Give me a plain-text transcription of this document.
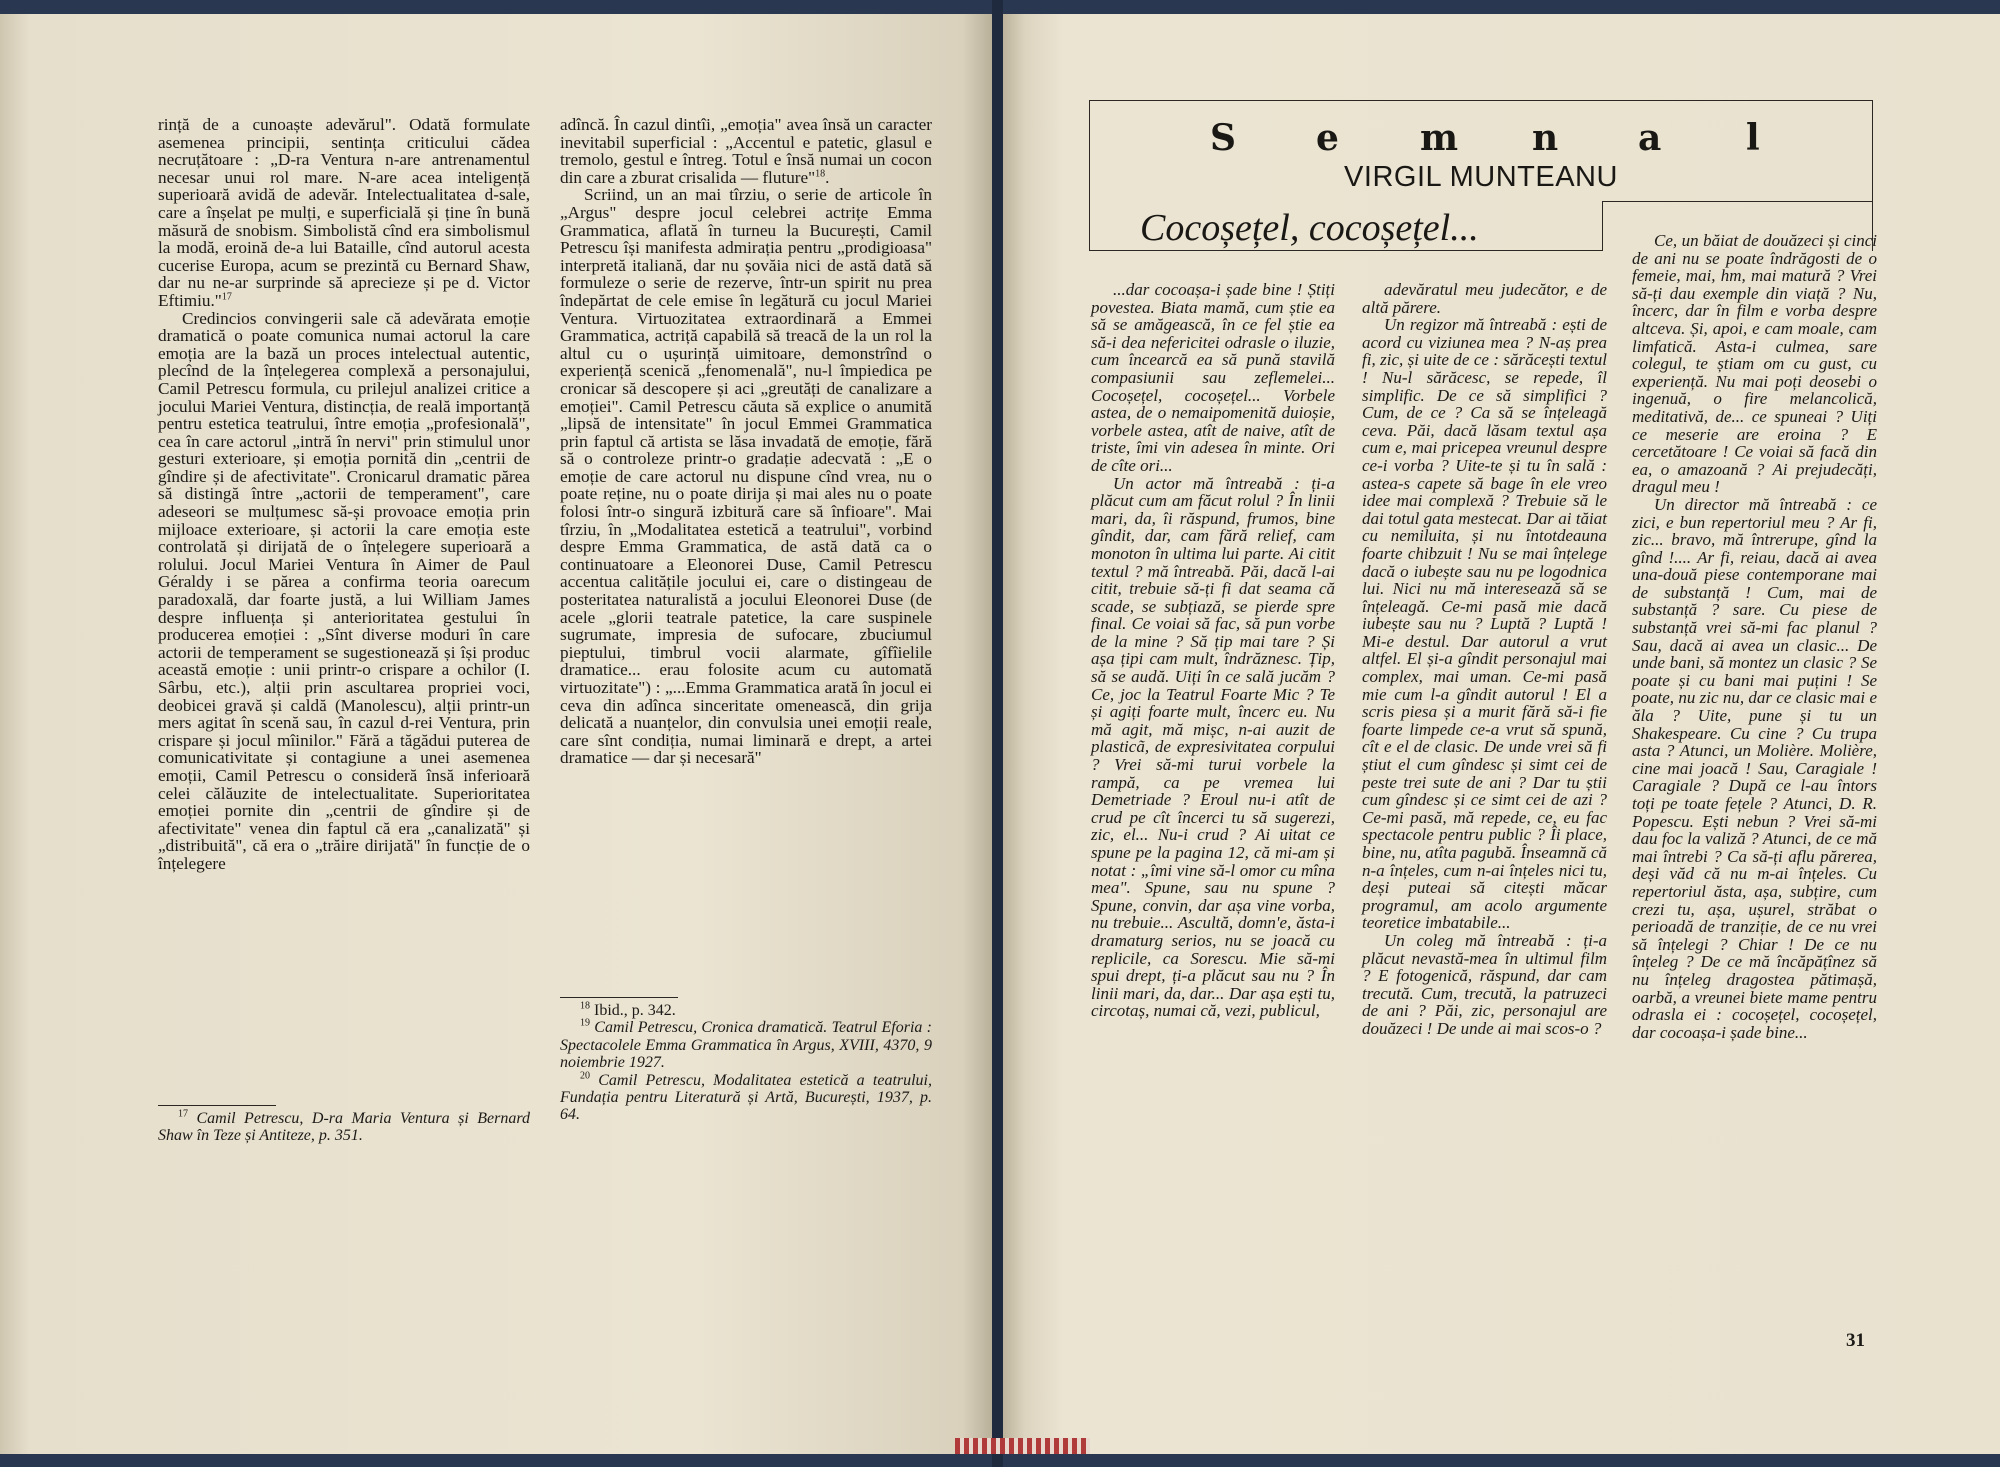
rință de a cunoaște adevărul". Odată formulate asemenea principii, sentința criticului cădea necruțătoare : „D-ra Ventura n-are antrenamentul necesar unui rol mare. N-are acea inteligență superioară avidă de adevăr. Intelectualitatea d-sale, care a înșelat pe mulți, e superficială și ține în bună măsură de snobism. Simbolistă cînd era simbolismul la modă, eroină de-a lui Bataille, cînd autorul acesta cucerise Europa, acum se prezintă cu Bernard Shaw, dar nu ne-ar surprinde să aprecieze și pe d. Victor Eftimiu."$^{17}$

Credincios convingerii sale că adevărata emoție dramatică o poate comunica numai actorul la care emoția are la bază un proces intelectual autentic, plecînd de la înțelegerea complexă a personajului, Camil Petrescu formula, cu prilejul analizei critice a jocului Mariei Ventura, distincția, de reală importanță pentru estetica teatrului, între emoția „profesională", cea în care actorul „intră în nervi" prin stimulul unor gesturi exterioare, și emoția pornită din „centrii de gîndire și de afectivitate". Cronicarul dramatic părea să distingă între „actorii de temperament", care adeseori se mulțumesc să-și provoace emoția prin mijloace exterioare, și actorii la care emoția este controlată și dirijată de o înțelegere superioară a rolului. Jocul Mariei Ventura în Aimer de Paul Géraldy i se părea a confirma teoria oarecum paradoxală, dar foarte justă, a lui William James despre influența și anterioritatea gestului în producerea emoției : „Sînt diverse moduri în care actorii de temperament se sugestionează și își produc această emoție : unii printr-o crispare a ochilor (I. Sârbu, etc.), alții prin ascultarea propriei voci, deobicei gravă și caldă (Manolescu), alții printr-un mers agitat în scenă sau, în cazul d-rei Ventura, prin crispare și jocul mîinilor." Fără a tăgădui puterea de comunicativitate și contagiune a unei asemenea emoții, Camil Petrescu o consideră însă inferioară celei călăuzite de intelectualitate. Superioritatea emoției pornite din „centrii de gîndire și de afectivitate" venea din faptul că era „canalizată" și „distribuită", că era o „trăire dirijată" în funcție de o înțelegere

$^{17}$ Camil Petrescu, D-ra Maria Ventura și Bernard Shaw în Teze și Antiteze, p. 351.

adîncă. În cazul dintîi, „emoția" avea însă un caracter inevitabil superficial : „Accentul e patetic, glasul e tremolo, gestul e întreg. Totul e însă numai un cocon din care a zburat crisalida — fluture"$^{18}$.

Scriind, un an mai tîrziu, o serie de articole în „Argus" despre jocul celebrei actrițe Emma Grammatica, aflată în turneu la București, Camil Petrescu își manifesta admirația pentru „prodigioasa" interpretă italiană, dar nu șovăia nici de astă dată să formuleze o serie de rezerve, într-un spirit nu prea îndepărtat de cele emise în legătură cu jocul Mariei Ventura. Virtuozitatea extraordinară a Emmei Grammatica, actriță capabilă să treacă de la un rol la altul cu o ușurință uimitoare, demonstrînd o experiență scenică „fenomenală", nu-l împiedica pe cronicar să descopere și aci „greutăți de canalizare a emoției". Camil Petrescu căuta să explice o anumită „lipsă de intensitate" în jocul Emmei Grammatica prin faptul că artista se lăsa invadată de emoție, fără să o controleze printr-o gradație adecvată : „E o emoție de care actorul nu dispune cînd vrea, nu o poate reține, nu o poate dirija și mai ales nu o poate folosi într-o singură izbitură care să înfioare". Mai tîrziu, în „Modalitatea estetică a teatrului", vorbind despre Emma Grammatica, de astă dată ca o continuatoare a Eleonorei Duse, Camil Petrescu accentua calitățile jocului ei, care o distingeau de posteritatea naturalistă a jocului Eleonorei Duse (de acele „glorii teatrale patetice, la care suspinele sugrumate, impresia de sufocare, zbuciumul pieptului, timbrul vocii alarmate, gîfîielile dramatice... erau folosite acum cu automată virtuozitate") : „...Emma Grammatica arată în jocul ei ceva din adînca sinceritate omenească, din grija delicată a nuanțelor, din convulsia unei emoții reale, care sînt condiția, numai liminară e drept, a artei dramatice — dar și necesară"

$^{18}$ Ibid., p. 342.

$^{19}$ Camil Petrescu, Cronica dramatică. Teatrul Eforia : Spectacolele Emma Grammatica în Argus, XVIII, 4370, 9 noiembrie 1927.

$^{20}$ Camil Petrescu, Modalitatea estetică a teatrului, Fundația pentru Literatură și Artă, București, 1937, p. 64.

S e m n a l
VIRGIL MUNTEANU
Cocoșețel, cocoșețel...

...dar cocoașa-i șade bine ! Știți povestea. Biata mamă, cum știe ea să se amăgească, în ce fel știe ea să-i dea nefericitei odrasle o iluzie, cum încearcă ea să pună stavilă compasiunii sau zeflemelei... Cocoșețel, cocoșețel... Vorbele astea, de o nemaipomenită duioșie, vorbele astea, atît de naive, atît de triste, îmi vin adesea în minte. Ori de cîte ori...

Un actor mă întreabă : ți-a plăcut cum am făcut rolul ? În linii mari, da, îi răspund, frumos, bine gîndit, dar, cam fără relief, cam monoton în ultima lui parte. Ai citit textul ? mă întreabă. Păi, dacă l-ai citit, trebuie să-ți fi dat seama că scade, se subțiază, se pierde spre final. Ce voiai să fac, să pun vorbe de la mine ? Să țip mai tare ? Și așa țipi cam mult, îndrăznesc. Țip, să se audă. Uiți în ce sală jucăm ? Ce, joc la Teatrul Foarte Mic ? Te și agiți foarte mult, încerc eu. Nu mă agit, mă mișc, n-ai auzit de plasticã, de expresivitatea corpului ? Vrei să-mi turui vorbele la rampă, ca pe vremea lui Demetriade ? Eroul nu-i atît de crud pe cît încerci tu să sugerezi, zic, el... Nu-i crud ? Ai uitat ce spune pe la pagina 12, că mi-am și notat : „îmi vine să-l omor cu mîna mea". Spune, sau nu spune ? Spune, convin, dar așa vine vorba, nu trebuie... Ascultă, domn'e, ăsta-i dramaturg serios, nu se joacă cu replicile, ca Sorescu. Mie să-mi spui drept, ți-a plăcut sau nu ? În linii mari, da, dar... Dar așa ești tu, circotaș, numai că, vezi, publicul,

adevăratul meu judecător, e de altă părere.

Un regizor mă întreabă : ești de acord cu viziunea mea ? N-aș prea fi, zic, și uite de ce : sărăcești textul ! Nu-l sărăcesc, se repede, îl simplific. De ce să simplifici ? Cum, de ce ? Ca să se înțeleagă ceva. Păi, dacă lăsam textul așa cum e, mai pricepea vreunul despre ce-i vorba ? Uite-te și tu în sală : astea-s capete să bage în ele vreo idee mai complexă ? Trebuie să le dai totul gata mestecat. Dar ai tăiat cu nemiluita, și nu întotdeauna foarte chibzuit ! Nu se mai înțelege dacă o iubește sau nu pe logodnica lui. Nici nu mă interesează să se înțeleagă. Ce-mi pasă mie dacă iubește sau nu ? Luptă ? Luptă ! Mi-e destul. Dar autorul a vrut altfel. El și-a gîndit personajul mai complex, mai uman. Ce-mi pasă mie cum l-a gîndit autorul ! El a scris piesa și a murit fără să-i fie foarte limpede ce-a vrut să spună, cît e el de clasic. De unde vrei să fi știut el cum gîndesc și simt cei de peste trei sute de ani ? Dar tu știi cum gîndesc și ce simt cei de azi ? Ce-mi pasă, mă repede, ce, eu fac spectacole pentru public ? Îi place, bine, nu, atîta pagubă. Înseamnă că n-a înțeles, cum n-ai înțeles nici tu, deși puteai să citești măcar programul, am acolo argumente teoretice imbatabile...

Un coleg mă întreabă : ți-a plăcut nevastă-mea în ultimul film ? E fotogenică, răspund, dar cam trecută. Cum, trecută, la patruzeci de ani ? Păi, zic, personajul are douăzeci ! De unde ai mai scos-o ?

Ce, un băiat de douăzeci și cinci de ani nu se poate îndrăgosti de o femeie, mai, hm, mai matură ? Vrei să-ți dau exemple din viață ? Nu, încerc, dar în film e vorba despre altceva. Și, apoi, e cam moale, cam limfatică. Asta-i culmea, sare colegul, te știam om cu gust, cu experiență. Nu mai poți deosebi o ingenuă, o fire melancolică, meditativă, de... ce spuneai ? Uiți ce meserie are eroina ? E cercetătoare ! Ce voiai să facă din ea, o amazoană ? Ai prejudecăți, dragul meu !

Un director mă întreabă : ce zici, e bun repertoriul meu ? Ar fi, zic... bravo, mă întrerupe, gînd la gînd !.... Ar fi, reiau, dacă ai avea una-două piese contemporane mai de substanță ! Cum, mai de substanță ? sare. Cu piese de substanță vrei să-mi fac planul ? Sau, dacă ai avea un clasic... De unde bani, să montez un clasic ? Se poate și cu bani mai puțini ! Se poate, nu zic nu, dar ce clasic mai e ăla ? Uite, pune și tu un Shakespeare. Cu cine ? Cu trupa asta ? Atunci, un Molière. Molière, cine mai joacă ! Sau, Caragiale ! Caragiale ? După ce l-au întors toți pe toate fețele ? Atunci, D. R. Popescu. Ești nebun ? Vrei să-mi dau foc la valiză ? Atunci, de ce mă mai întrebi ? Ca să-ți aflu părerea, deși văd că nu m-ai înțeles. Cu repertoriul ăsta, așa, subțire, cum crezi tu, așa, ușurel, străbat o perioadă de tranziție, de ce nu vrei să înțelegi ? Chiar ! De ce nu înțeleg ? De ce mă încăpățînez să nu înțeleg dragostea pătimașă, oarbă, a vreunei biete mame pentru odrasla ei : cocoșețel, cocoșețel, dar cocoașa-i șade bine...

31
